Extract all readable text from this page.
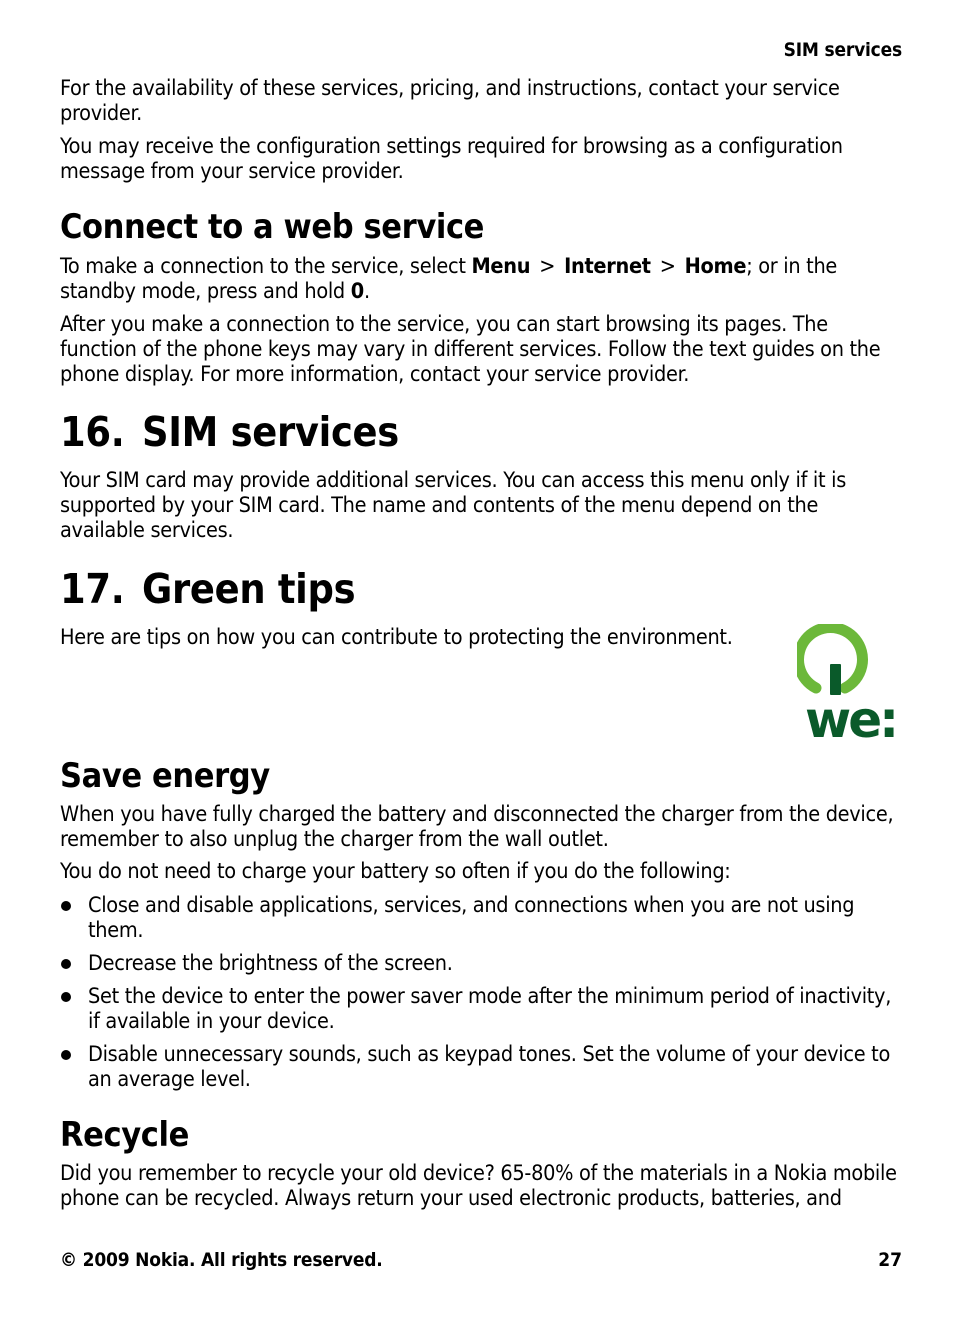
SIM services

For the availability of these services, pricing, and instructions, contact your service provider.

You may receive the configuration settings required for browsing as a configuration message from your service provider.

Connect to a web service

To make a connection to the service, select Menu > Internet > Home; or in the standby mode, press and hold 0.

After you make a connection to the service, you can start browsing its pages. The function of the phone keys may vary in different services. Follow the text guides on the phone display. For more information, contact your service provider.

16. SIM services

Your SIM card may provide additional services. You can access this menu only if it is supported by your SIM card. The name and contents of the menu depend on the available services.

17. Green tips

Here are tips on how you can contribute to protecting the environment.

we:
Save energy

When you have fully charged the battery and disconnected the charger from the device, remember to also unplug the charger from the wall outlet.

You do not need to charge your battery so often if you do the following:

Close and disable applications, services, and connections when you are not using them.
Decrease the brightness of the screen.
Set the device to enter the power saver mode after the minimum period of inactivity, if available in your device.
Disable unnecessary sounds, such as keypad tones. Set the volume of your device to an average level.
Recycle

Did you remember to recycle your old device? 65-80% of the materials in a Nokia mobile phone can be recycled. Always return your used electronic products, batteries, and

© 2009 Nokia. All rights reserved.	27
